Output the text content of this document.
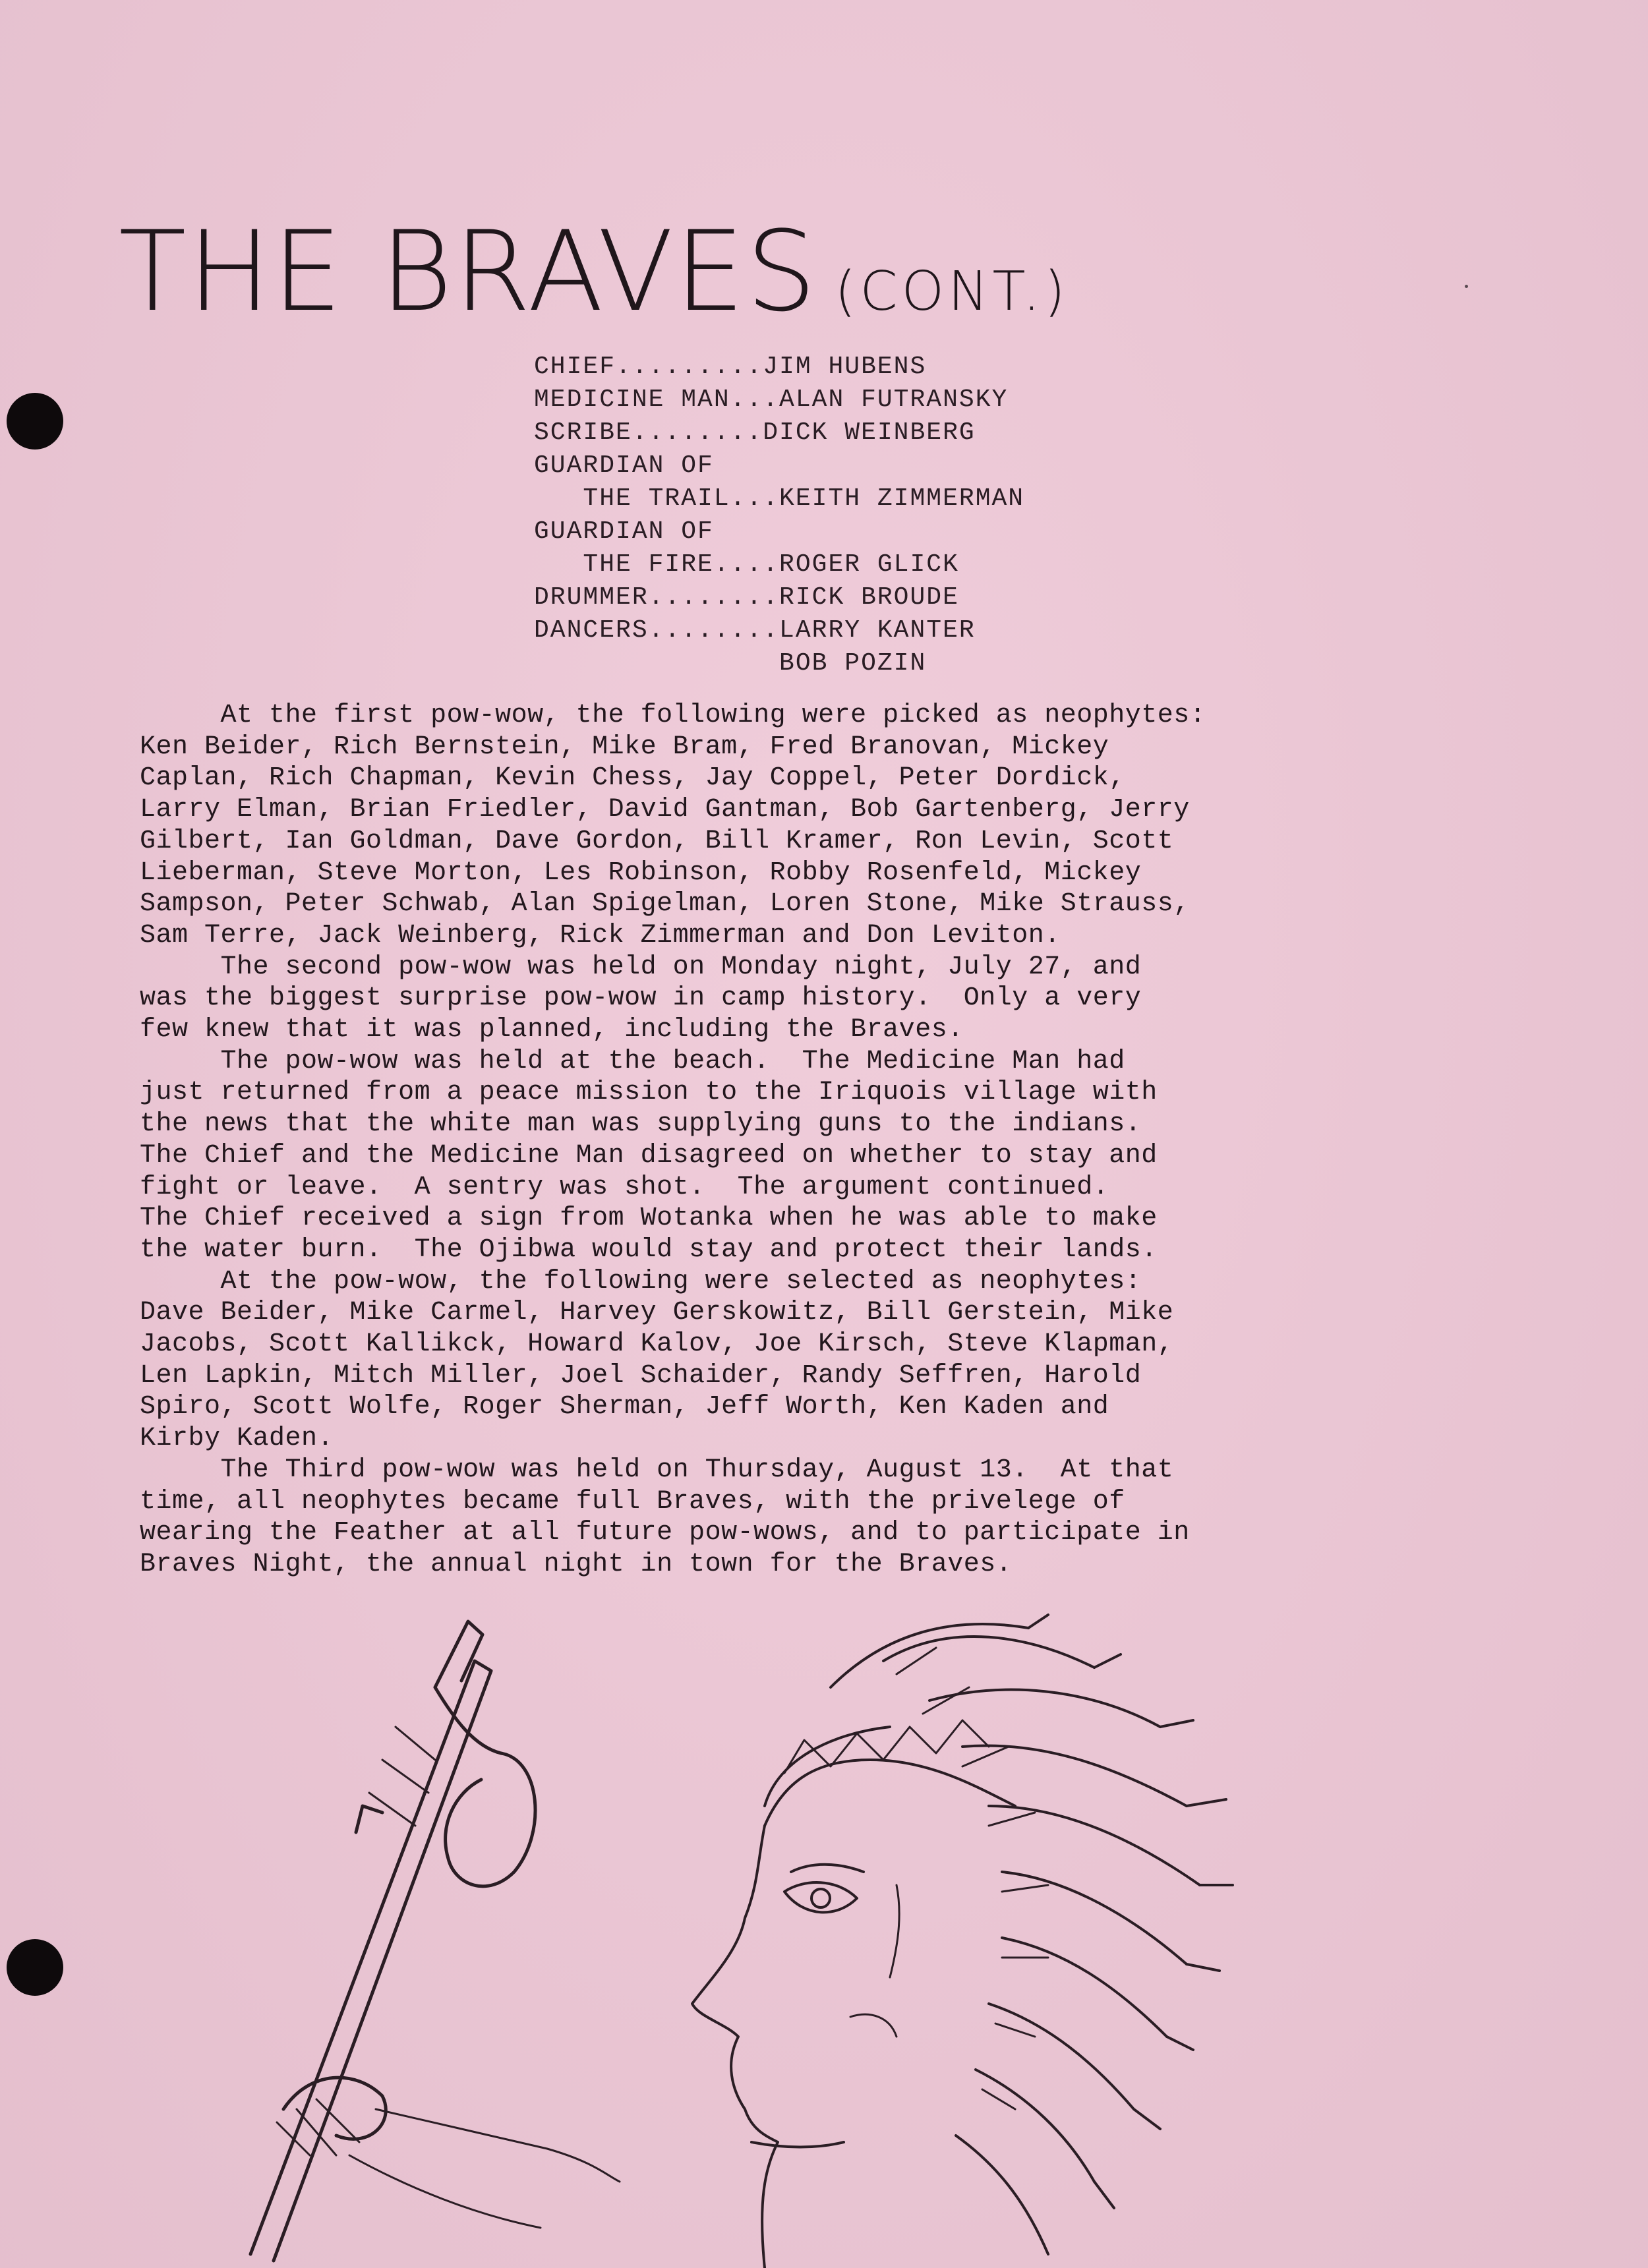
THE BRAVES (CONT.)
CHIEF.........JIM HUBENS
MEDICINE MAN...ALAN FUTRANSKY
SCRIBE........DICK WEINBERG
GUARDIAN OF
THE TRAIL...KEITH ZIMMERMAN
GUARDIAN OF
THE FIRE....ROGER GLICK
DRUMMER........RICK BROUDE
DANCERS........LARRY KANTER
BOB POZIN
At the first pow-wow, the following were picked as neophytes:
Ken Beider, Rich Bernstein, Mike Bram, Fred Branovan, Mickey
Caplan, Rich Chapman, Kevin Chess, Jay Coppel, Peter Dordick,
Larry Elman, Brian Friedler, David Gantman, Bob Gartenberg, Jerry
Gilbert, Ian Goldman, Dave Gordon, Bill Kramer, Ron Levin, Scott
Lieberman, Steve Morton, Les Robinson, Robby Rosenfeld, Mickey
Sampson, Peter Schwab, Alan Spigelman, Loren Stone, Mike Strauss,
Sam Terre, Jack Weinberg, Rick Zimmerman and Don Leviton.
The second pow-wow was held on Monday night, July 27, and
was the biggest surprise pow-wow in camp history.  Only a very
few knew that it was planned, including the Braves.
The pow-wow was held at the beach.  The Medicine Man had
just returned from a peace mission to the Iriquois village with
the news that the white man was supplying guns to the indians.
The Chief and the Medicine Man disagreed on whether to stay and
fight or leave.  A sentry was shot.  The argument continued.
The Chief received a sign from Wotanka when he was able to make
the water burn.  The Ojibwa would stay and protect their lands.
At the pow-wow, the following were selected as neophytes:
Dave Beider, Mike Carmel, Harvey Gerskowitz, Bill Gerstein, Mike
Jacobs, Scott Kallikck, Howard Kalov, Joe Kirsch, Steve Klapman,
Len Lapkin, Mitch Miller, Joel Schaider, Randy Seffren, Harold
Spiro, Scott Wolfe, Roger Sherman, Jeff Worth, Ken Kaden and
Kirby Kaden.
The Third pow-wow was held on Thursday, August 13.  At that
time, all neophytes became full Braves, with the privelege of
wearing the Feather at all future pow-wows, and to participate in
Braves Night, the annual night in town for the Braves.
